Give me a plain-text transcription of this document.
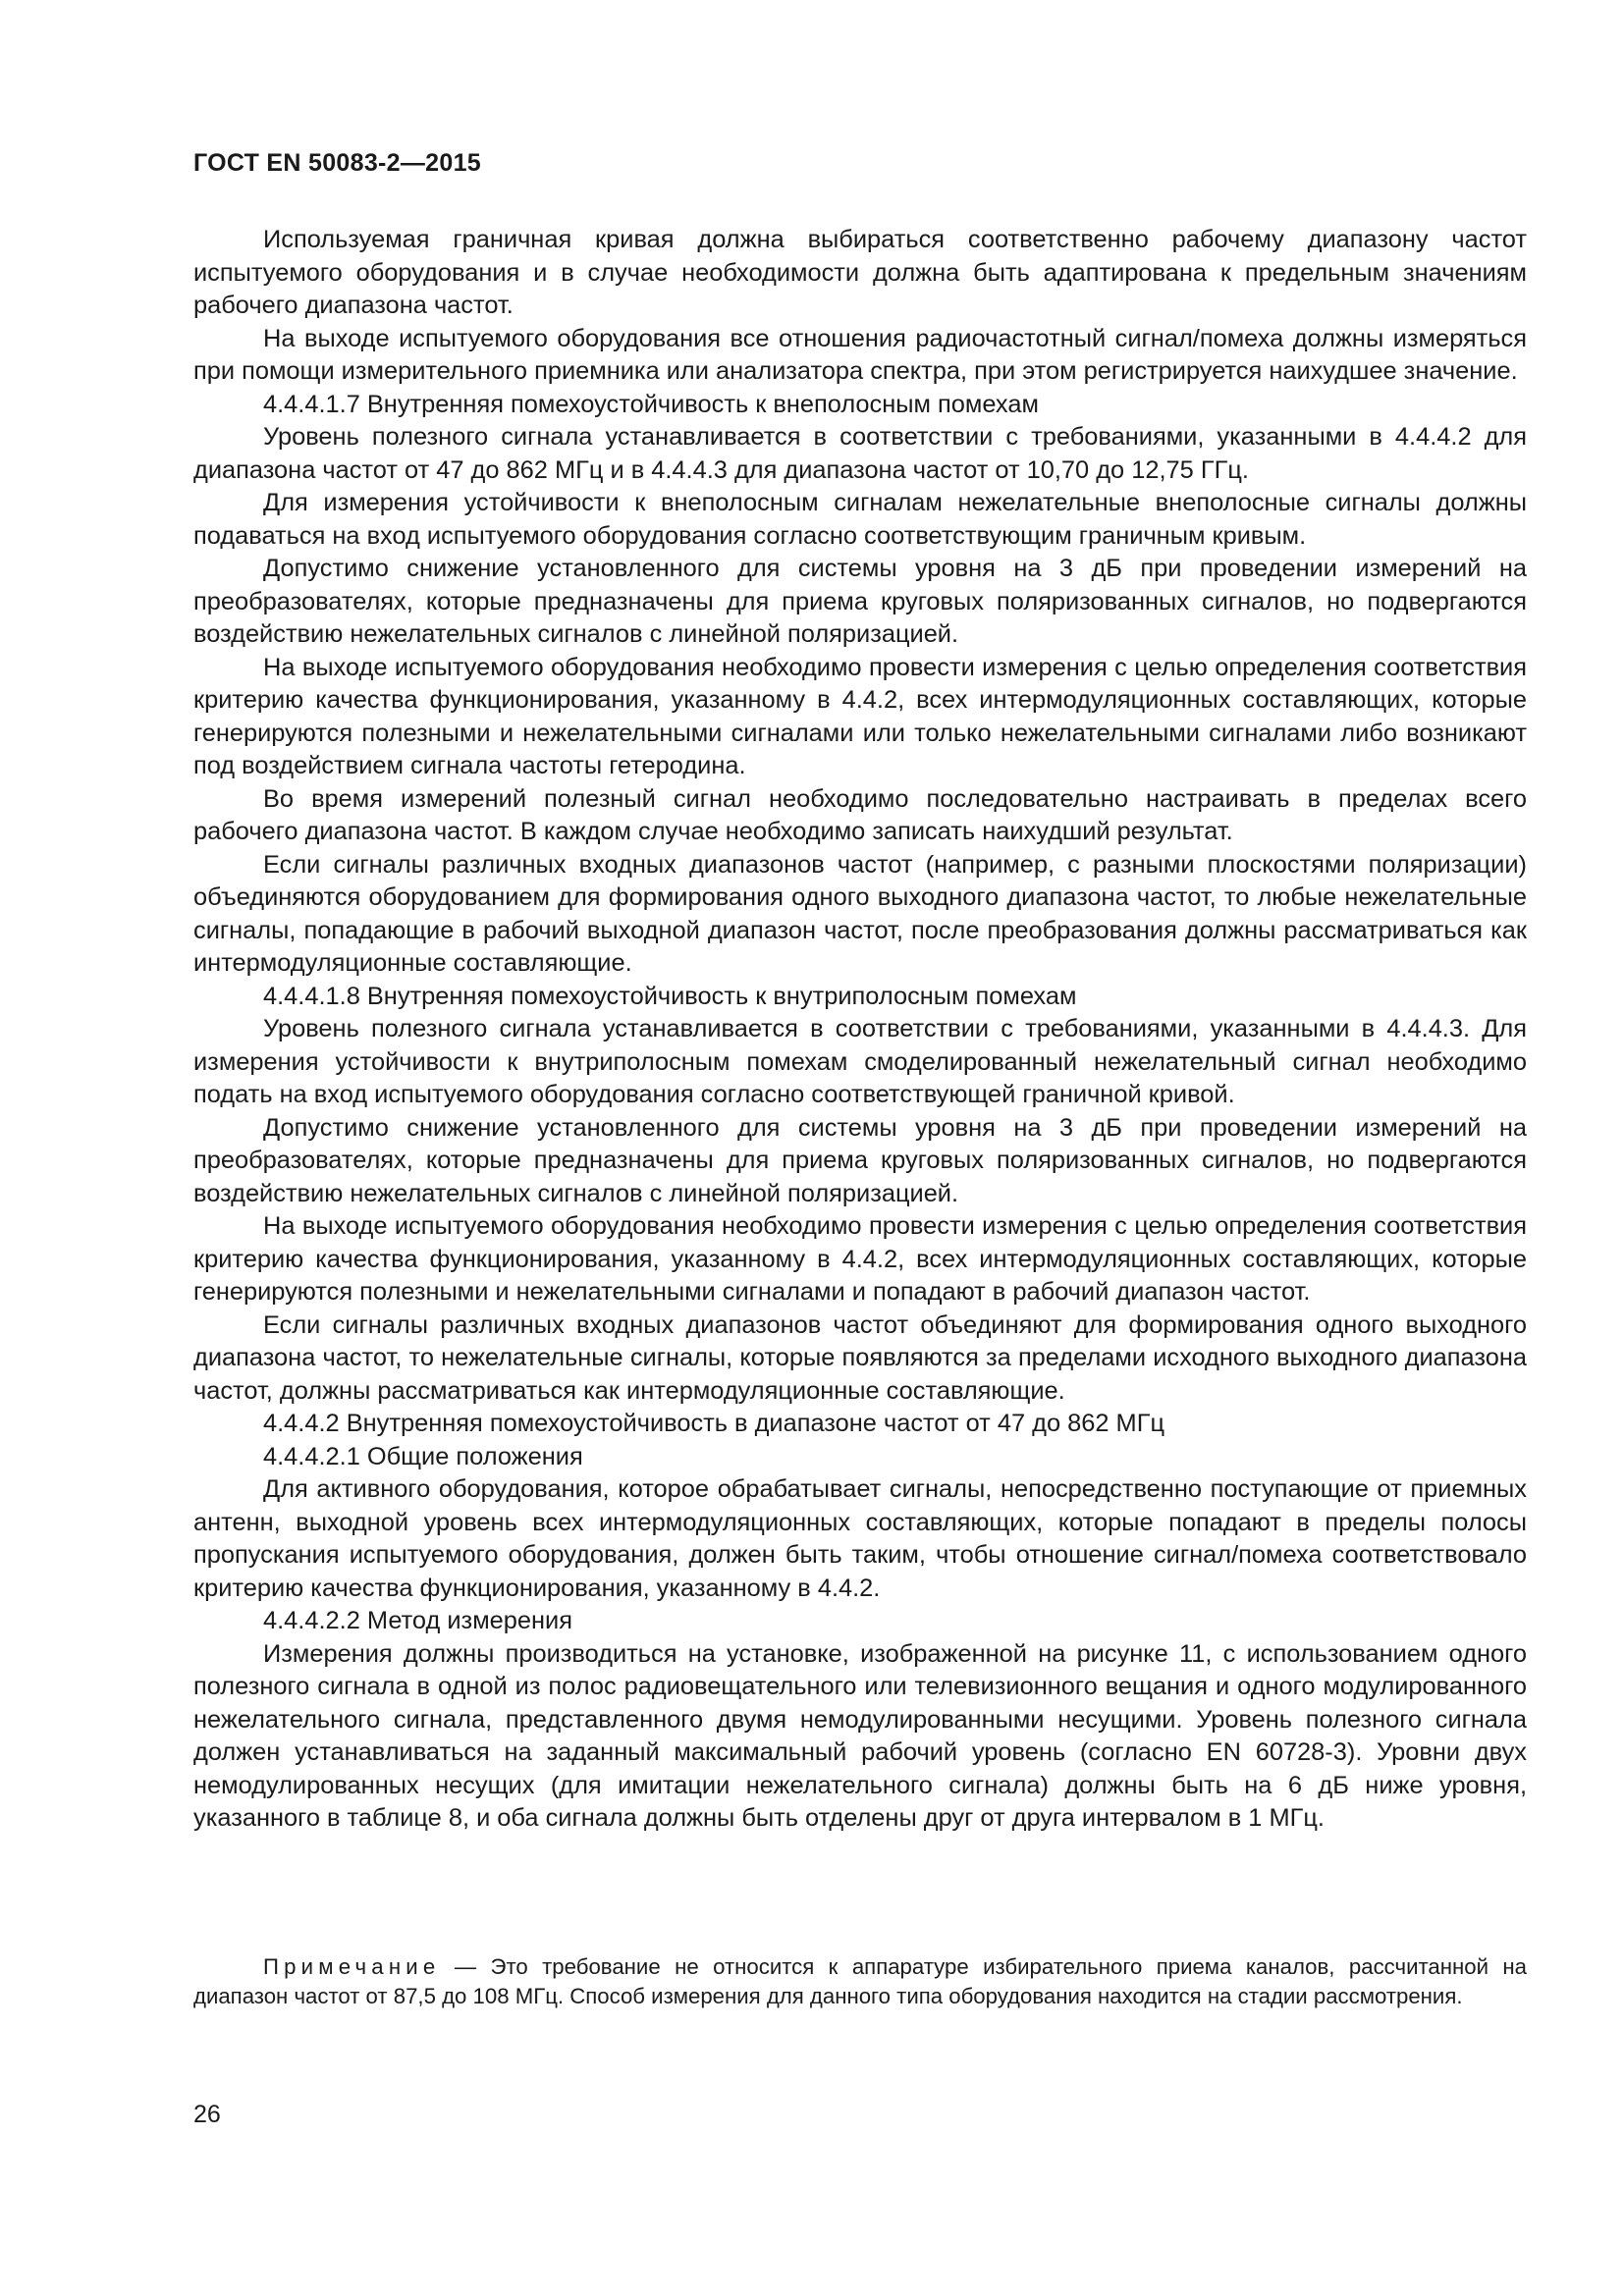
ГОСТ EN 50083-2—2015

Используемая граничная кривая должна выбираться соответственно рабочему диапазону частот испытуемого оборудования и в случае необходимости должна быть адаптирована к предельным значениям рабочего диапазона частот.

На выходе испытуемого оборудования все отношения радиочастотный сигнал/помеха должны измеряться при помощи измерительного приемника или анализатора спектра, при этом регистрируется наихудшее значение.

4.4.4.1.7 Внутренняя помехоустойчивость к внеполосным помехам

Уровень полезного сигнала устанавливается в соответствии с требованиями, указанными в 4.4.4.2 для диапазона частот от 47 до 862 МГц и в 4.4.4.3 для диапазона частот от 10,70 до 12,75 ГГц.

Для измерения устойчивости к внеполосным сигналам нежелательные внеполосные сигналы должны подаваться на вход испытуемого оборудования согласно соответствующим граничным кривым.

Допустимо снижение установленного для системы уровня на 3 дБ при проведении измерений на преобразователях, которые предназначены для приема круговых поляризованных сигналов, но подвергаются воздействию нежелательных сигналов с линейной поляризацией.

На выходе испытуемого оборудования необходимо провести измерения с целью определения соответствия критерию качества функционирования, указанному в 4.4.2, всех интермодуляционных составляющих, которые генерируются полезными и нежелательными сигналами или только нежелательными сигналами либо возникают под воздействием сигнала частоты гетеродина.

Во время измерений полезный сигнал необходимо последовательно настраивать в пределах всего рабочего диапазона частот. В каждом случае необходимо записать наихудший результат.

Если сигналы различных входных диапазонов частот (например, с разными плоскостями поляризации) объединяются оборудованием для формирования одного выходного диапазона частот, то любые нежелательные сигналы, попадающие в рабочий выходной диапазон частот, после преобразования должны рассматриваться как интермодуляционные составляющие.

4.4.4.1.8 Внутренняя помехоустойчивость к внутриполосным помехам

Уровень полезного сигнала устанавливается в соответствии с требованиями, указанными в 4.4.4.3. Для измерения устойчивости к внутриполосным помехам смоделированный нежелательный сигнал необходимо подать на вход испытуемого оборудования согласно соответствующей граничной кривой.

Допустимо снижение установленного для системы уровня на 3 дБ при проведении измерений на преобразователях, которые предназначены для приема круговых поляризованных сигналов, но подвергаются воздействию нежелательных сигналов с линейной поляризацией.

На выходе испытуемого оборудования необходимо провести измерения с целью определения соответствия критерию качества функционирования, указанному в 4.4.2, всех интермодуляционных составляющих, которые генерируются полезными и нежелательными сигналами и попадают в рабочий диапазон частот.

Если сигналы различных входных диапазонов частот объединяют для формирования одного выходного диапазона частот, то нежелательные сигналы, которые появляются за пределами исходного выходного диапазона частот, должны рассматриваться как интермодуляционные составляющие.

4.4.4.2 Внутренняя помехоустойчивость в диапазоне частот от 47 до 862 МГц

4.4.4.2.1 Общие положения

Для активного оборудования, которое обрабатывает сигналы, непосредственно поступающие от приемных антенн, выходной уровень всех интермодуляционных составляющих, которые попадают в пределы полосы пропускания испытуемого оборудования, должен быть таким, чтобы отношение сигнал/помеха соответствовало критерию качества функционирования, указанному в 4.4.2.

4.4.4.2.2 Метод измерения

Измерения должны производиться на установке, изображенной на рисунке 11, с использованием одного полезного сигнала в одной из полос радиовещательного или телевизионного вещания и одного модулированного нежелательного сигнала, представленного двумя немодулированными несущими. Уровень полезного сигнала должен устанавливаться на заданный максимальный рабочий уровень (согласно EN 60728-3). Уровни двух немодулированных несущих (для имитации нежелательного сигнала) должны быть на 6 дБ ниже уровня, указанного в таблице 8, и оба сигнала должны быть отделены друг от друга интервалом в 1 МГц.

Примечание — Это требование не относится к аппаратуре избирательного приема каналов, рассчитанной на диапазон частот от 87,5 до 108 МГц. Способ измерения для данного типа оборудования находится на стадии рассмотрения.

26
